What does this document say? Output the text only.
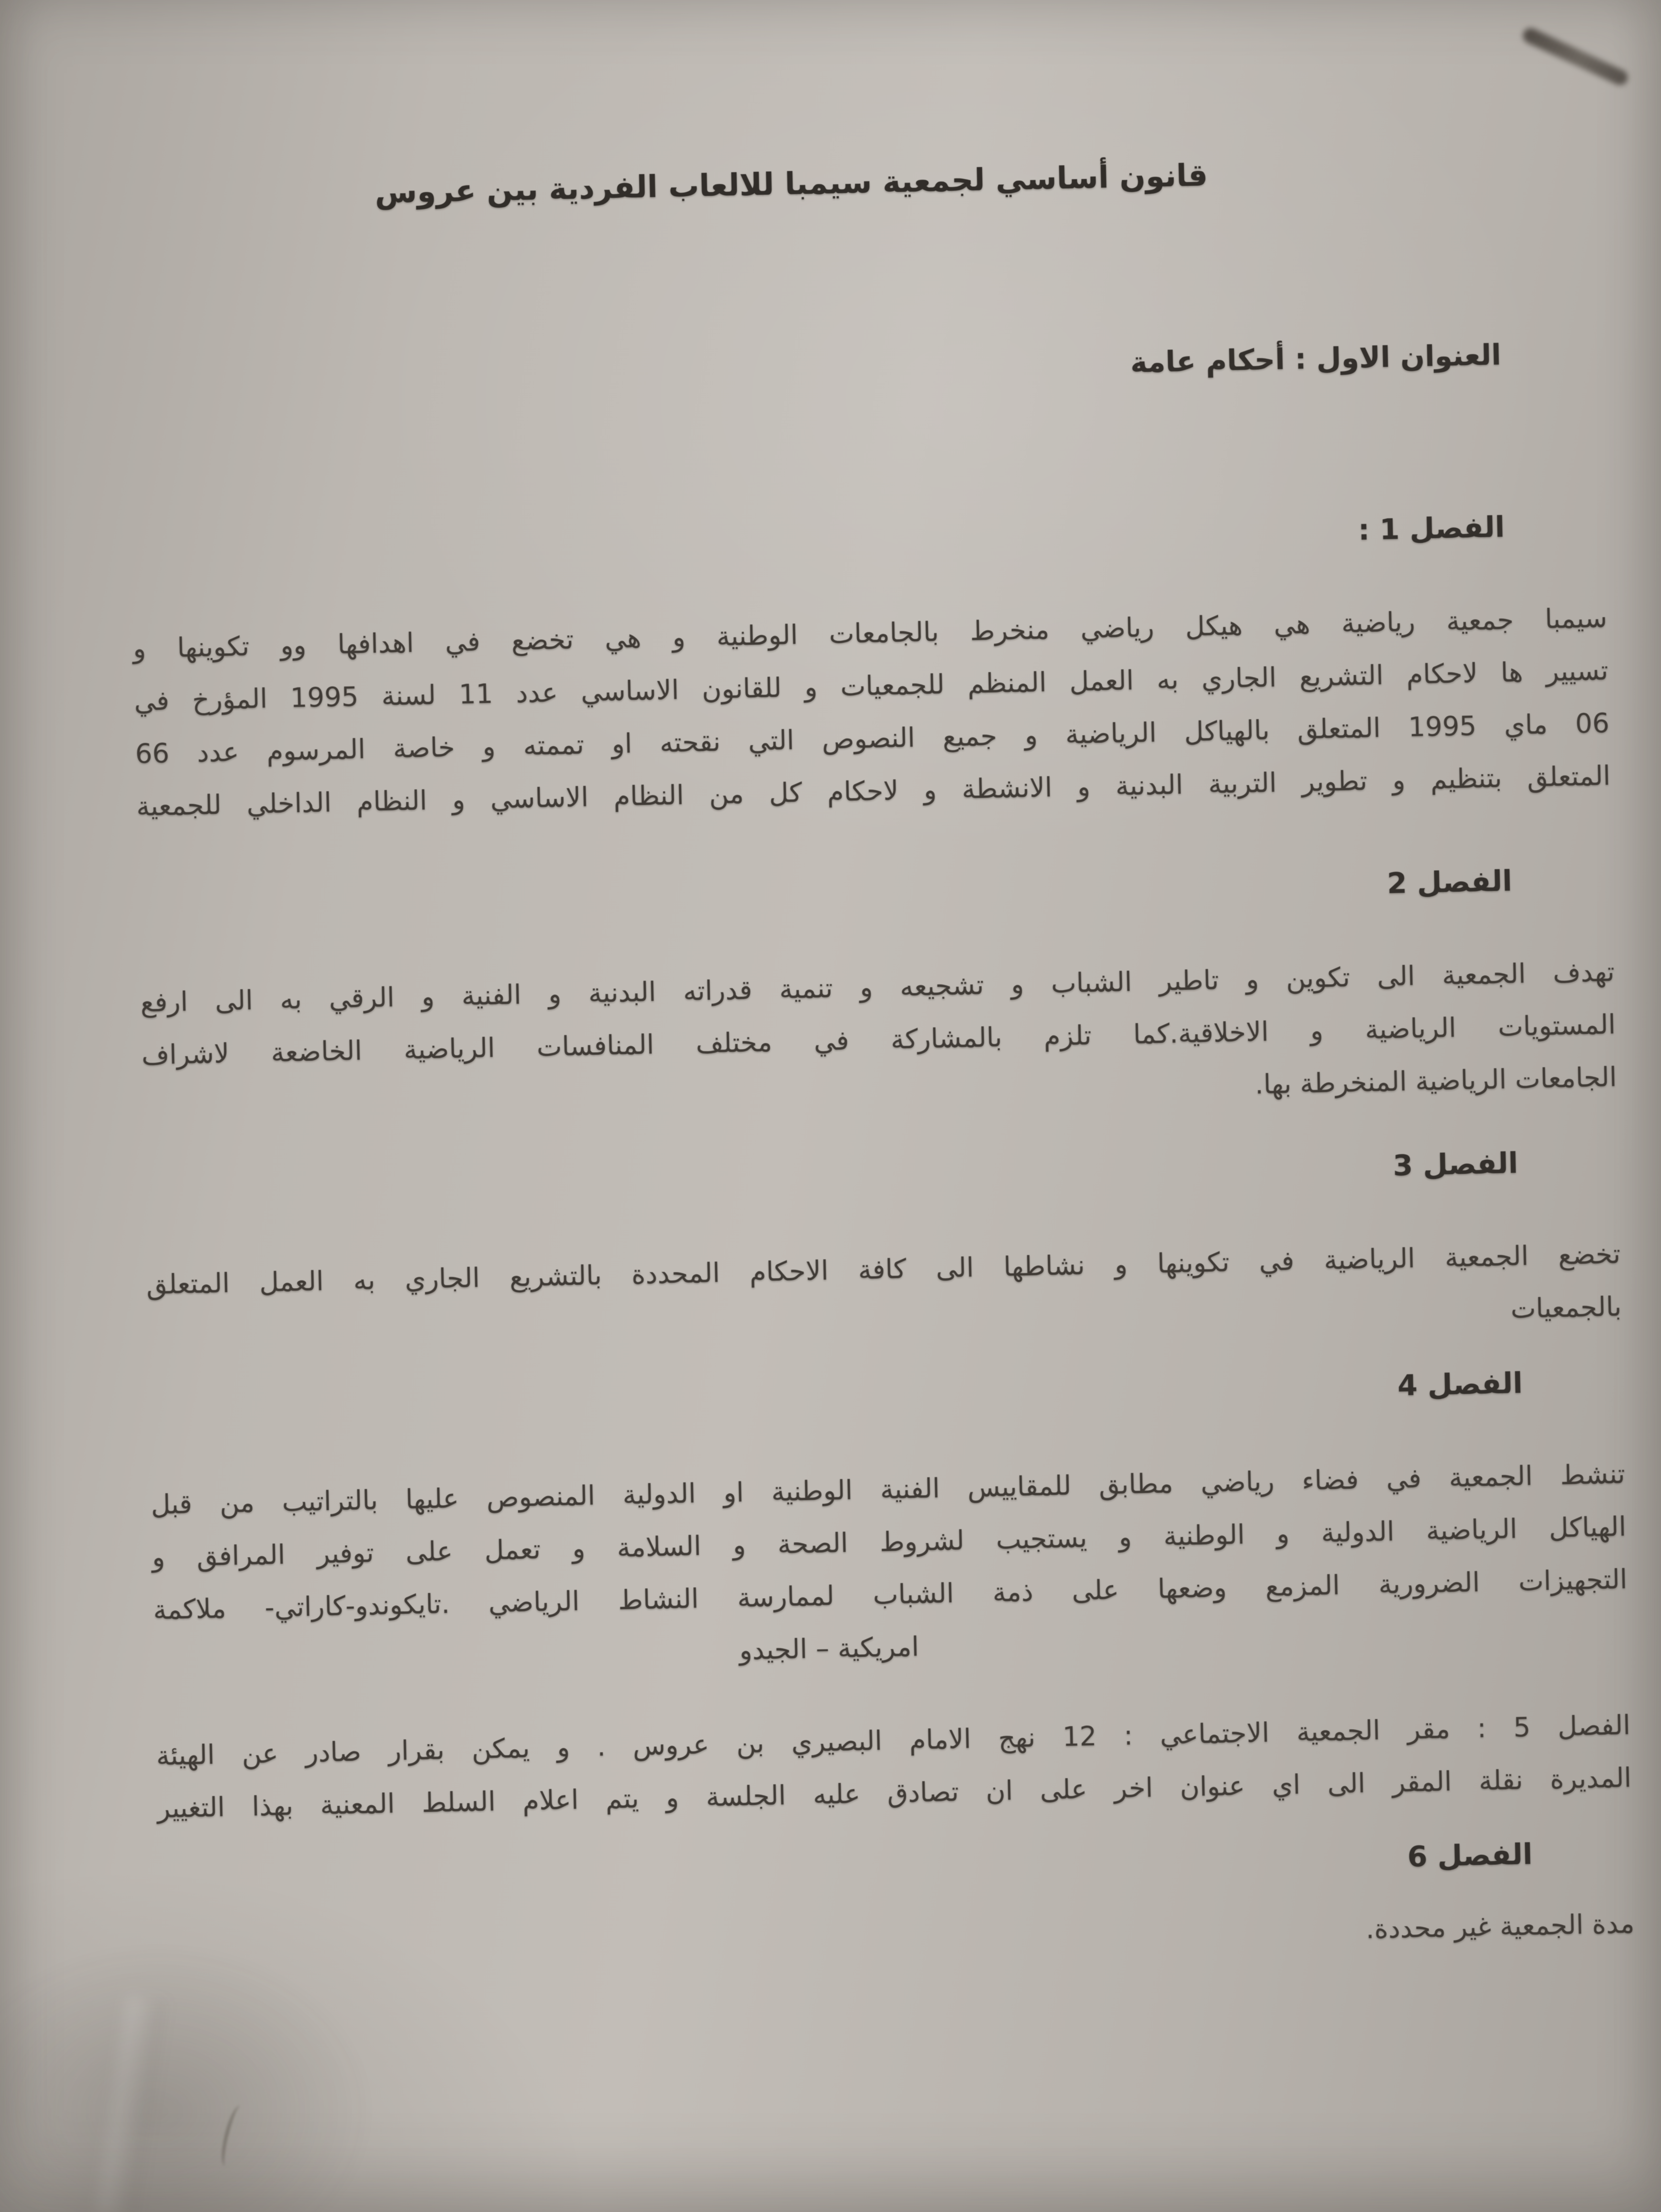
قانون أساسي لجمعية سيمبا للالعاب الفردية بين عروس
العنوان الاول : أحكام عامة
الفصل 1 :
سيمبا جمعية رياضية هي هيكل رياضي منخرط بالجامعات الوطنية و هي تخضع في اهدافها وو تكوينها و
تسيير ها لاحكام التشريع الجاري به العمل المنظم للجمعيات و للقانون الاساسي عدد 11 لسنة 1995 المؤرخ في
06 ماي 1995 المتعلق بالهياكل الرياضية و جميع النصوص التي نقحته او تممته و خاصة المرسوم عدد 66
المتعلق بتنظيم و تطوير التربية البدنية و الانشطة و لاحكام كل من النظام الاساسي و النظام الداخلي للجمعية
الفصل 2
تهدف الجمعية الى تكوين و تاطير الشباب و تشجيعه و تنمية قدراته البدنية و الفنية و الرقي به الى ارفع
المستويات الرياضية و الاخلاقية.كما تلزم بالمشاركة في مختلف المنافسات الرياضية الخاضعة لاشراف
الجامعات الرياضية المنخرطة بها.
الفصل 3
تخضع الجمعية الرياضية في تكوينها و نشاطها الى كافة الاحكام المحددة بالتشريع الجاري به العمل المتعلق
بالجمعيات
الفصل 4
تنشط الجمعية في فضاء رياضي مطابق للمقاييس الفنية الوطنية او الدولية المنصوص عليها بالتراتيب من قبل
الهياكل الرياضية الدولية و الوطنية و يستجيب لشروط الصحة و السلامة و تعمل على توفير المرافق و
التجهيزات الضرورية المزمع وضعها على ذمة الشباب لممارسة النشاط الرياضي .تايكوندو-كاراتي- ملاكمة
امريكية – الجيدو
الفصل 5 : مقر الجمعية الاجتماعي : 12 نهج الامام البصيري بن عروس . و يمكن بقرار صادر عن الهيئة
المديرة نقلة المقر الى اي عنوان اخر على ان تصادق عليه الجلسة و يتم اعلام السلط المعنية بهذا التغيير
الفصل 6
مدة الجمعية غير محددة.
